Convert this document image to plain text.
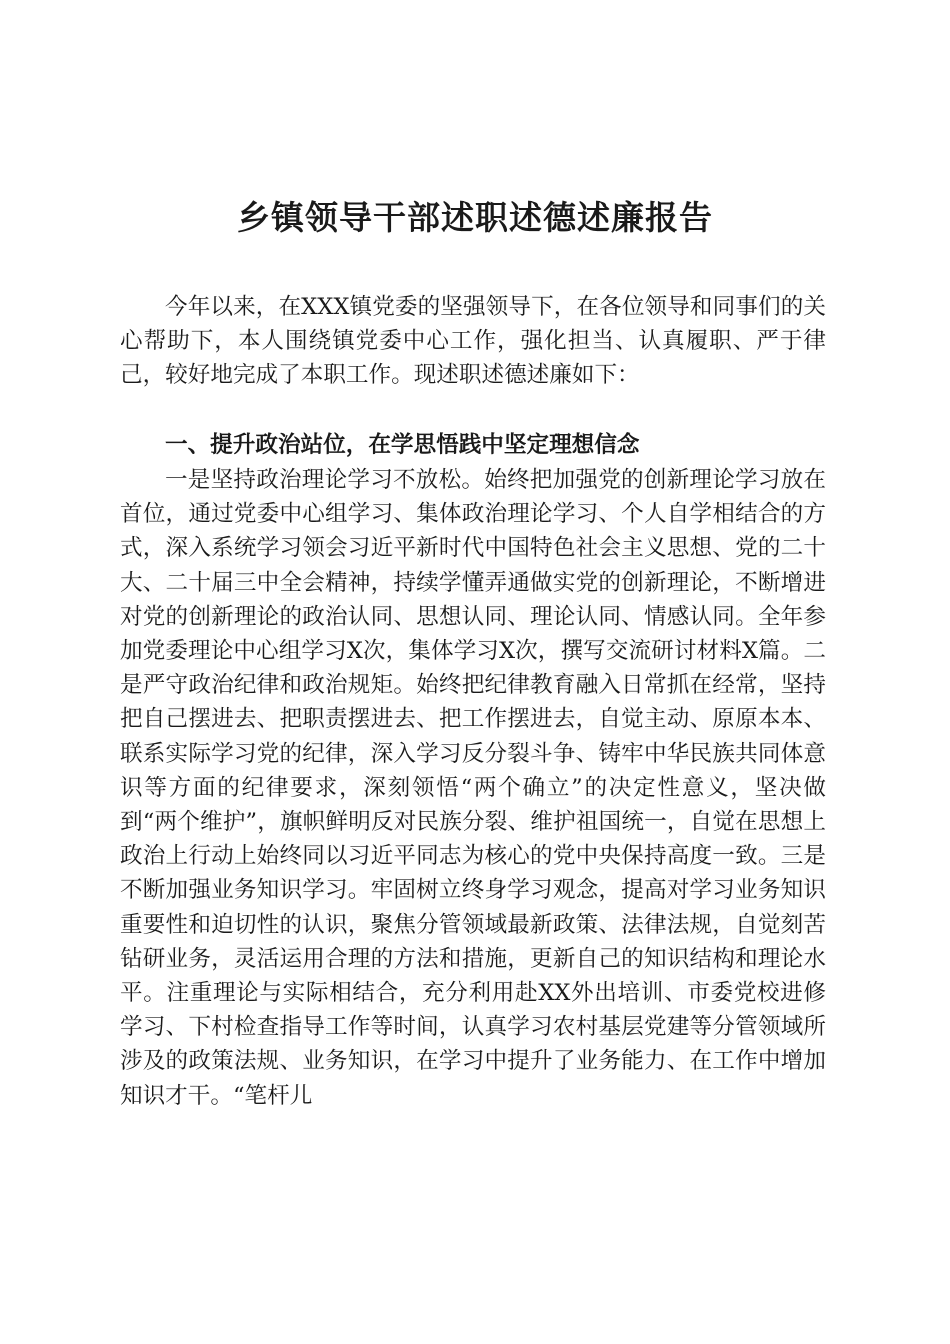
乡镇领导干部述职述德述廉报告

今年以来，在XXX镇党委的坚强领导下，在各位领导和同事们的关心帮助下，本人围绕镇党委中心工作，强化担当、认真履职、严于律己，较好地完成了本职工作。现述职述德述廉如下：

一、提升政治站位，在学思悟践中坚定理想信念

一是坚持政治理论学习不放松。始终把加强党的创新理论学习放在首位，通过党委中心组学习、集体政治理论学习、个人自学相结合的方式，深入系统学习领会习近平新时代中国特色社会主义思想、党的二十大、二十届三中全会精神，持续学懂弄通做实党的创新理论，不断增进对党的创新理论的政治认同、思想认同、理论认同、情感认同。全年参加党委理论中心组学习X次，集体学习X次，撰写交流研讨材料X篇。二是严守政治纪律和政治规矩。始终把纪律教育融入日常抓在经常，坚持把自己摆进去、把职责摆进去、把工作摆进去，自觉主动、原原本本、联系实际学习党的纪律，深入学习反分裂斗争、铸牢中华民族共同体意识等方面的纪律要求，深刻领悟“两个确立”的决定性意义，坚决做到“两个维护”，旗帜鲜明反对民族分裂、维护祖国统一，自觉在思想上政治上行动上始终同以习近平同志为核心的党中央保持高度一致。三是不断加强业务知识学习。牢固树立终身学习观念，提高对学习业务知识重要性和迫切性的认识，聚焦分管领域最新政策、法律法规，自觉刻苦钻研业务，灵活运用合理的方法和措施，更新自己的知识结构和理论水平。注重理论与实际相结合，充分利用赴XX外出培训、市委党校进修学习、下村检查指导工作等时间，认真学习农村基层党建等分管领域所涉及的政策法规、业务知识，在学习中提升了业务能力、在工作中增加知识才干。“笔杆儿
